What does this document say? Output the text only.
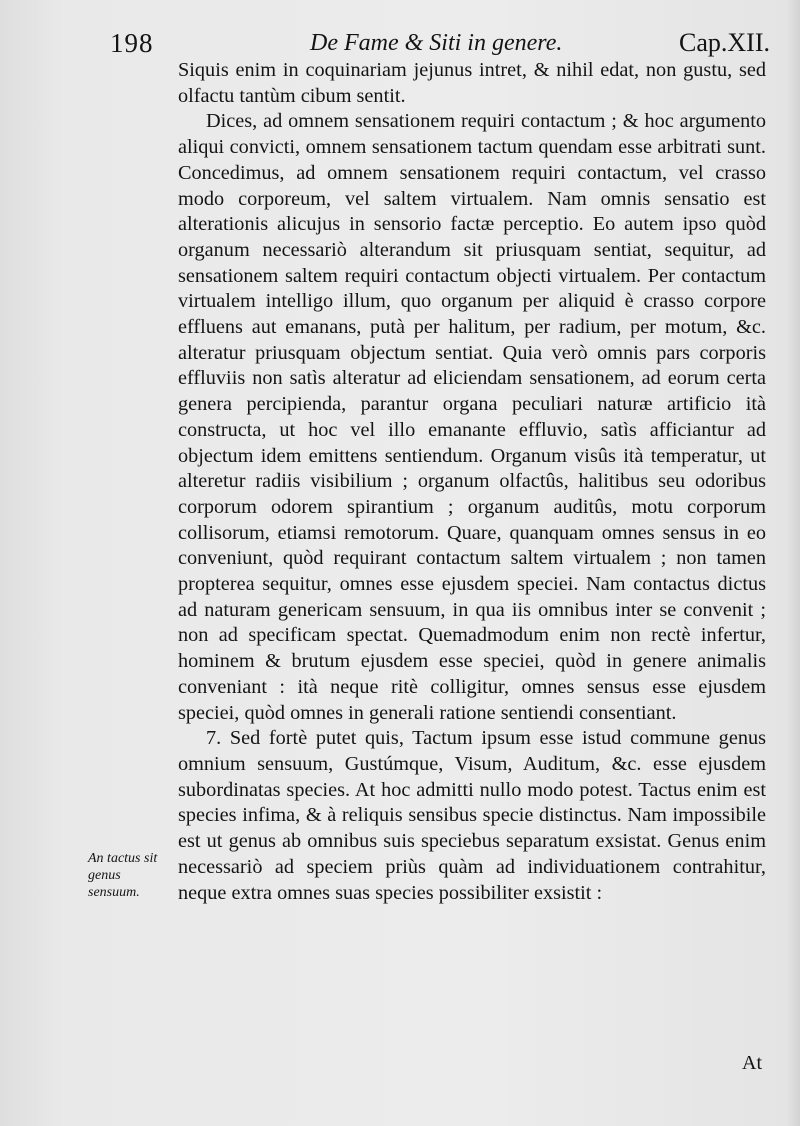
198	De Fame & Siti in genere.	Cap.XII.
An tactus sit genus sensuum.

Siquis enim in coquinariam jejunus intret, & nihil edat, non gustu, sed olfactu tantùm cibum sentit.

Dices, ad omnem sensationem requiri contactum ; & hoc argumento aliqui convicti, omnem sensationem tactum quendam esse arbitrati sunt. Concedimus, ad omnem sensationem requiri contactum, vel crasso modo corporeum, vel saltem virtualem. Nam omnis sensatio est alterationis alicujus in sensorio factæ perceptio. Eo autem ipso quòd organum necessariò alterandum sit priusquam sentiat, sequitur, ad sensationem saltem requiri contactum objecti virtualem. Per contactum virtualem intelligo illum, quo organum per aliquid è crasso corpore effluens aut emanans, putà per halitum, per radium, per motum, &c. alteratur priusquam objectum sentiat. Quia verò omnis pars corporis effluviis non satìs alteratur ad eliciendam sensationem, ad eorum certa genera percipienda, parantur organa peculiari naturæ artificio ità constructa, ut hoc vel illo emanante effluvio, satìs afficiantur ad objectum idem emittens sentiendum. Organum visûs ità temperatur, ut alteretur radiis visibilium ; organum olfactûs, halitibus seu odoribus corporum odorem spirantium ; organum auditûs, motu corporum collisorum, etiamsi remotorum. Quare, quanquam omnes sensus in eo conveniunt, quòd requirant contactum saltem virtualem ; non tamen propterea sequitur, omnes esse ejusdem speciei. Nam contactus dictus ad naturam genericam sensuum, in qua iis omnibus inter se convenit ; non ad specificam spectat. Quemadmodum enim non rectè infertur, hominem & brutum ejusdem esse speciei, quòd in genere animalis conveniant : ità neque ritè colligitur, omnes sensus esse ejusdem speciei, quòd omnes in generali ratione sentiendi consentiant.

7. Sed fortè putet quis, Tactum ipsum esse istud commune genus omnium sensuum, Gustúmque, Visum, Auditum, &c. esse ejusdem subordinatas species. At hoc admitti nullo modo potest. Tactus enim est species infima, & à reliquis sensibus specie distinctus. Nam impossibile est ut genus ab omnibus suis speciebus separatum exsistat. Genus enim necessariò ad speciem priùs quàm ad individuationem contrahitur, neque extra omnes suas species possibiliter exsistit :

At
